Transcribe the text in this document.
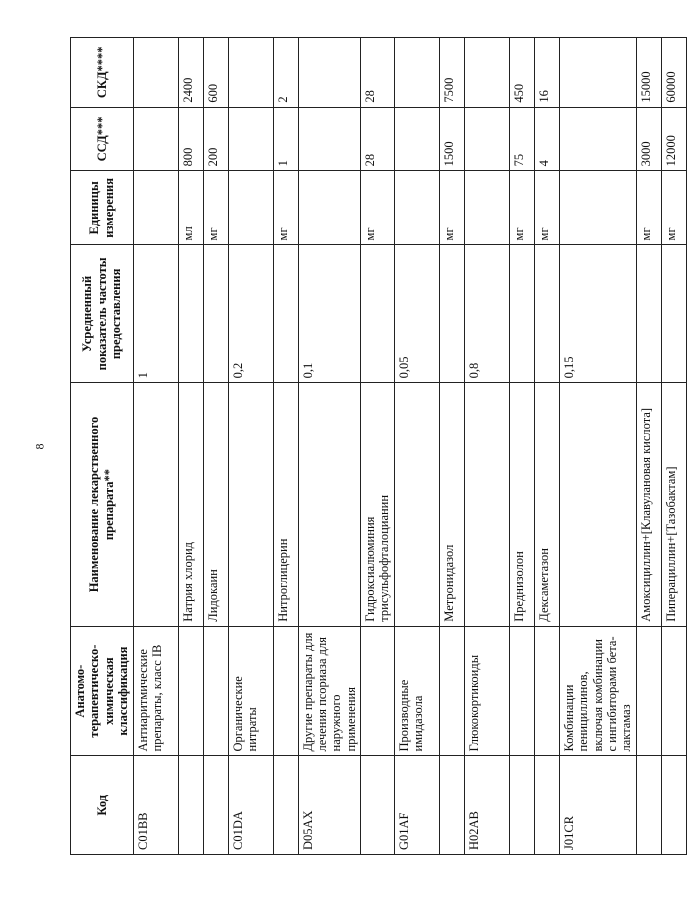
8
Код	Анатомо-терапевтическо-химическая классификация	Наименование лекарственного препарата**	Усредненный показатель частоты предоставления	Единицы измерения	ССД***	СКД****
C01BB	Антиаритмические препараты, класс IB		1			
		Натрия хлорид		мл	800	2400
		Лидокаин		мг	200	600
C01DA	Органические нитраты		0,2			
		Нитроглицерин		мг	1	2
D05AX	Другие препараты для лечения псориаза для наружного применения		0,1			
		Гидроксиалюминия трисульфофталоцианин		мг	28	28
G01AF	Производные имидазола		0,05			
		Метронидазол		мг	1500	7500
H02AB	Глюкокортикоиды		0,8			
		Преднизолон		мг	75	450
		Дексаметазон		мг	4	16
J01CR	Комбинации пенициллинов, включая комбинации с ингибиторами бета-лактамаз		0,15			
		Амоксициллин+[Клавулановая кислота]		мг	3000	15000
		Пиперациллин+[Тазобактам]		мг	12000	60000
